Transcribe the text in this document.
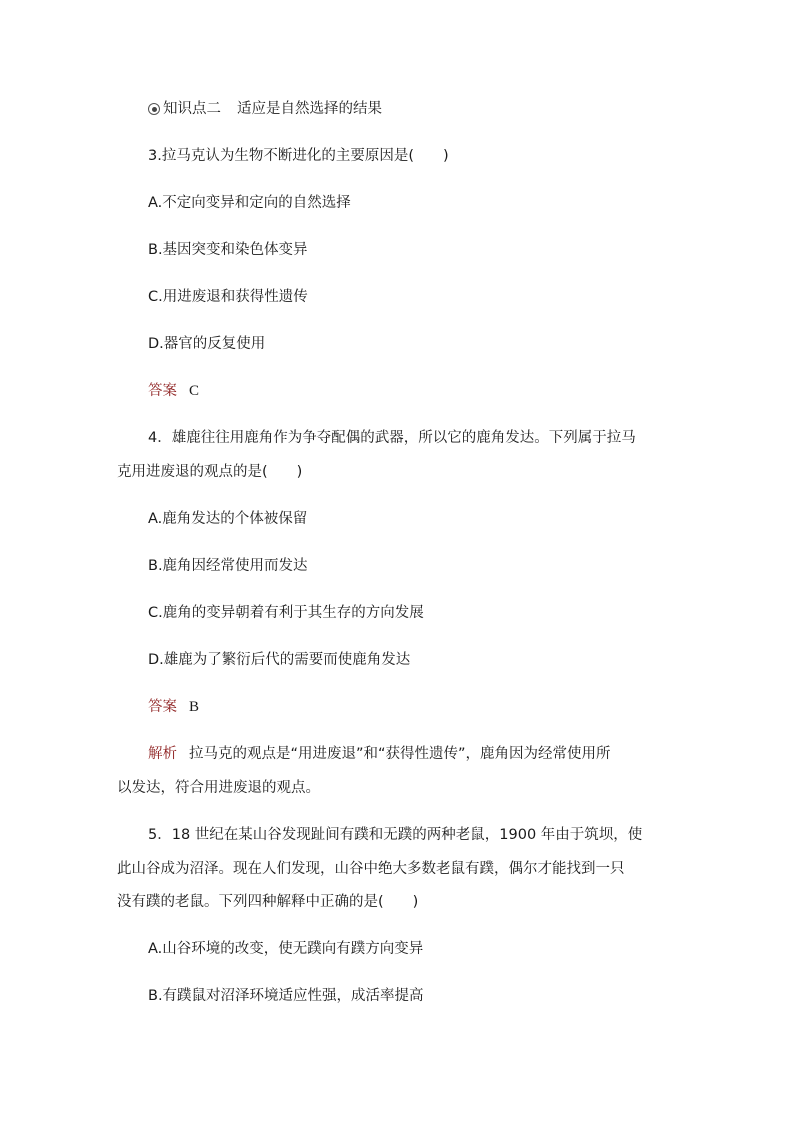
知识点二 适应是自然选择的结果
3.拉马克认为生物不断进化的主要原因是(　　)
A.不定向变异和定向的自然选择
B.基因突变和染色体变异
C.用进废退和获得性遗传
D.器官的反复使用
答案 C
4．雄鹿往往用鹿角作为争夺配偶的武器，所以它的鹿角发达。下列属于拉马
克用进废退的观点的是(　　)
A.鹿角发达的个体被保留
B.鹿角因经常使用而发达
C.鹿角的变异朝着有利于其生存的方向发展
D.雄鹿为了繁衍后代的需要而使鹿角发达
答案 B
解析 拉马克的观点是“用进废退”和“获得性遗传”，鹿角因为经常使用所
以发达，符合用进废退的观点。
5．18 世纪在某山谷发现趾间有蹼和无蹼的两种老鼠，1900 年由于筑坝，使
此山谷成为沼泽。现在人们发现，山谷中绝大多数老鼠有蹼，偶尔才能找到一只
没有蹼的老鼠。下列四种解释中正确的是(　　)
A.山谷环境的改变，使无蹼向有蹼方向变异
B.有蹼鼠对沼泽环境适应性强，成活率提高
